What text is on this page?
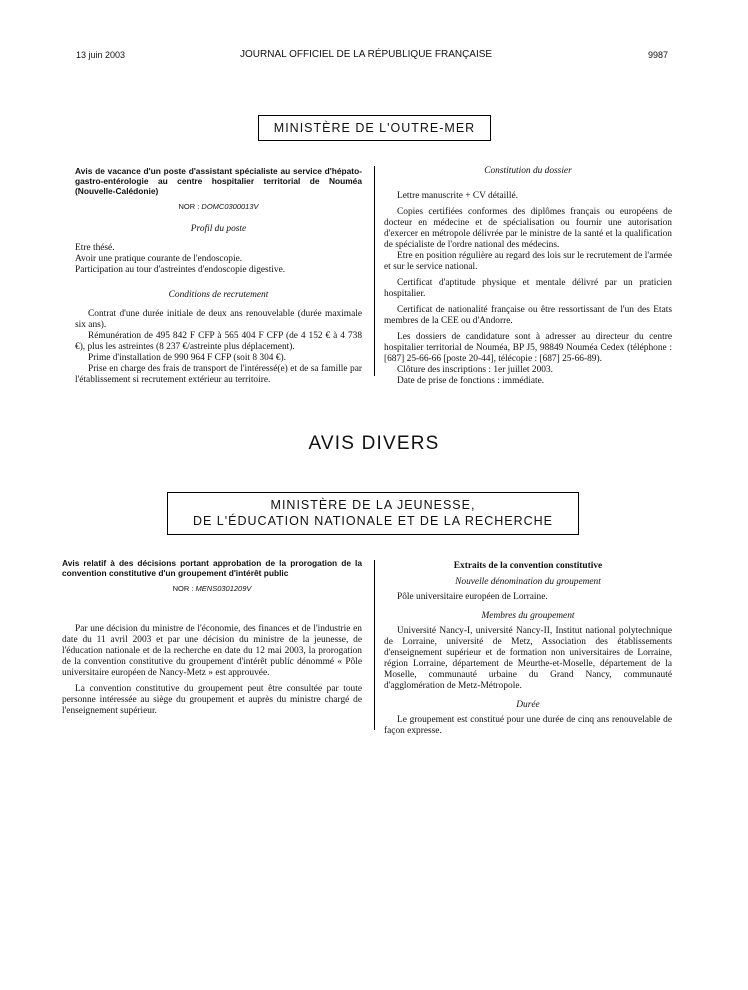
13 juin 2003	JOURNAL OFFICIEL DE LA RÉPUBLIQUE FRANÇAISE	9987
MINISTÈRE DE L'OUTRE-MER

Avis de vacance d'un poste d'assistant spécialiste au service d'hépato-gastro-entérologie au centre hospitalier territorial de Nouméa (Nouvelle-Calédonie)

NOR : DOMC0300013V

Profil du poste

Etre thésé.

Avoir une pratique courante de l'endoscopie.

Participation au tour d'astreintes d'endoscopie digestive.

Conditions de recrutement

Contrat d'une durée initiale de deux ans renouvelable (durée maximale six ans).

Rémunération de 495 842 F CFP à 565 404 F CFP (de 4 152 € à 4 738 €), plus les astreintes (8 237 €/astreinte plus déplacement).

Prime d'installation de 990 964 F CFP (soit 8 304 €).

Prise en charge des frais de transport de l'intéressé(e) et de sa famille par l'établissement si recrutement extérieur au territoire.

Constitution du dossier

Lettre manuscrite + CV détaillé.

Copies certifiées conformes des diplômes français ou européens de docteur en médecine et de spécialisation ou fournir une autorisation d'exercer en métropole délivrée par le ministre de la santé et la qualification de spécialiste de l'ordre national des médecins.

Etre en position régulière au regard des lois sur le recrutement de l'armée et sur le service national.

Certificat d'aptitude physique et mentale délivré par un praticien hospitalier.

Certificat de nationalité française ou être ressortissant de l'un des Etats membres de la CEE ou d'Andorre.

Les dossiers de candidature sont à adresser au directeur du centre hospitalier territorial de Nouméa, BP J5, 98849 Nouméa Cedex (téléphone : [687] 25-66-66 [poste 20-44], télécopie : [687] 25-66-89).

Clôture des inscriptions : 1er juillet 2003.

Date de prise de fonctions : immédiate.

AVIS DIVERS
MINISTÈRE DE LA JEUNESSE,
DE L'ÉDUCATION NATIONALE ET DE LA RECHERCHE

Avis relatif à des décisions portant approbation de la prorogation de la convention constitutive d'un groupement d'intérêt public

NOR : MENS0301209V

Par une décision du ministre de l'économie, des finances et de l'industrie en date du 11 avril 2003 et par une décision du ministre de la jeunesse, de l'éducation nationale et de la recherche en date du 12 mai 2003, la prorogation de la convention constitutive du groupement d'intérêt public dénommé « Pôle universitaire européen de Nancy-Metz » est approuvée.

La convention constitutive du groupement peut être consultée par toute personne intéressée au siège du groupement et auprès du ministre chargé de l'enseignement supérieur.

Extraits de la convention constitutive

Nouvelle dénomination du groupement

Pôle universitaire européen de Lorraine.

Membres du groupement

Université Nancy-I, université Nancy-II, Institut national polytechnique de Lorraine, université de Metz, Association des établissements d'enseignement supérieur et de formation non universitaires de Lorraine, région Lorraine, département de Meurthe-et-Moselle, département de la Moselle, communauté urbaine du Grand Nancy, communauté d'agglomération de Metz-Métropole.

Durée

Le groupement est constitué pour une durée de cinq ans renouvelable de façon expresse.
